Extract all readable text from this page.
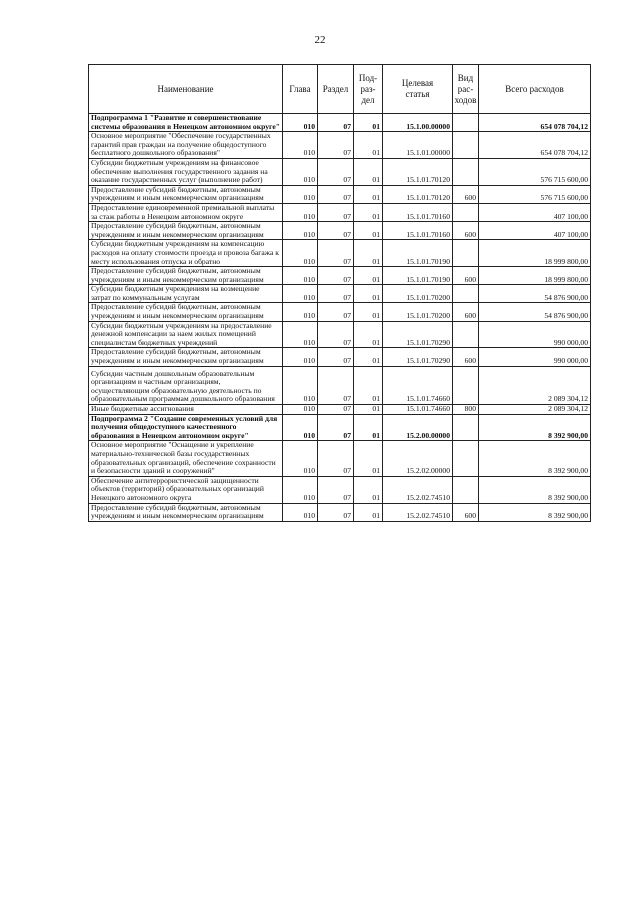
22
Наименование	Глава	Раздел	Под-
раз-
дел	Целевая
статья	Вид
рас-
ходов	Всего расходов
Подпрограмма 1 "Развитие и совершенствование системы образования в Ненецком автономном округе"	010	07	01	15.1.00.00000		654 078 704,12
Основное мероприятие "Обеспечение государственных гарантий прав граждан на получение общедоступного бесплатного дошкольного образования"	010	07	01	15.1.01.00000		654 078 704,12
Субсидии бюджетным учреждениям на финансовое обеспечение выполнения государственного задания на оказание государственных услуг (выполнение работ)	010	07	01	15.1.01.70120		576 715 600,00
Предоставление субсидий бюджетным, автономным учреждениям и иным некоммерческим организациям	010	07	01	15.1.01.70120	600	576 715 600,00
Предоставление единовременной премиальной выплаты за стаж работы в Ненецком автономном округе	010	07	01	15.1.01.70160		407 100,00
Предоставление субсидий бюджетным, автономным учреждениям и иным некоммерческим организациям	010	07	01	15.1.01.70160	600	407 100,00
Субсидии бюджетным учреждениям на компенсацию расходов на оплату стоимости проезда и провоза багажа к месту использования отпуска и обратно	010	07	01	15.1.01.70190		18 999 800,00
Предоставление субсидий бюджетным, автономным учреждениям и иным некоммерческим организациям	010	07	01	15.1.01.70190	600	18 999 800,00
Субсидии бюджетным учреждениям на возмещение затрат по коммунальным услугам	010	07	01	15.1.01.70200		54 876 900,00
Предоставление субсидий бюджетным, автономным учреждениям и иным некоммерческим организациям	010	07	01	15.1.01.70200	600	54 876 900,00
Субсидии бюджетным учреждениям на предоставление денежной компенсации за наем жилых помещений специалистам бюджетных учреждений	010	07	01	15.1.01.70290		990 000,00
Предоставление субсидий бюджетным, автономным учреждениям и иным некоммерческим организациям	010	07	01	15.1.01.70290	600	990 000,00
Субсидии частным дошкольным образовательным организациям и частным организациям, осуществляющим образовательную деятельность по образовательным программам дошкольного образования	010	07	01	15.1.01.74660		2 089 304,12
Иные бюджетные ассигнования	010	07	01	15.1.01.74660	800	2 089 304,12
Подпрограмма 2 "Создание современных условий для получения общедоступного качественного образования в Ненецком автономном округе"	010	07	01	15.2.00.00000		8 392 900,00
Основное мероприятие "Оснащение и укрепление материально-технической базы государственных образовательных организаций, обеспечение сохранности и безопасности зданий и сооружений"	010	07	01	15.2.02.00000		8 392 900,00
Обеспечение антитеррористической защищенности объектов (территорий) образовательных организаций Ненецкого автономного округа	010	07	01	15.2.02.74510		8 392 900,00
Предоставление субсидий бюджетным, автономным учреждениям и иным некоммерческим организациям	010	07	01	15.2.02.74510	600	8 392 900,00
